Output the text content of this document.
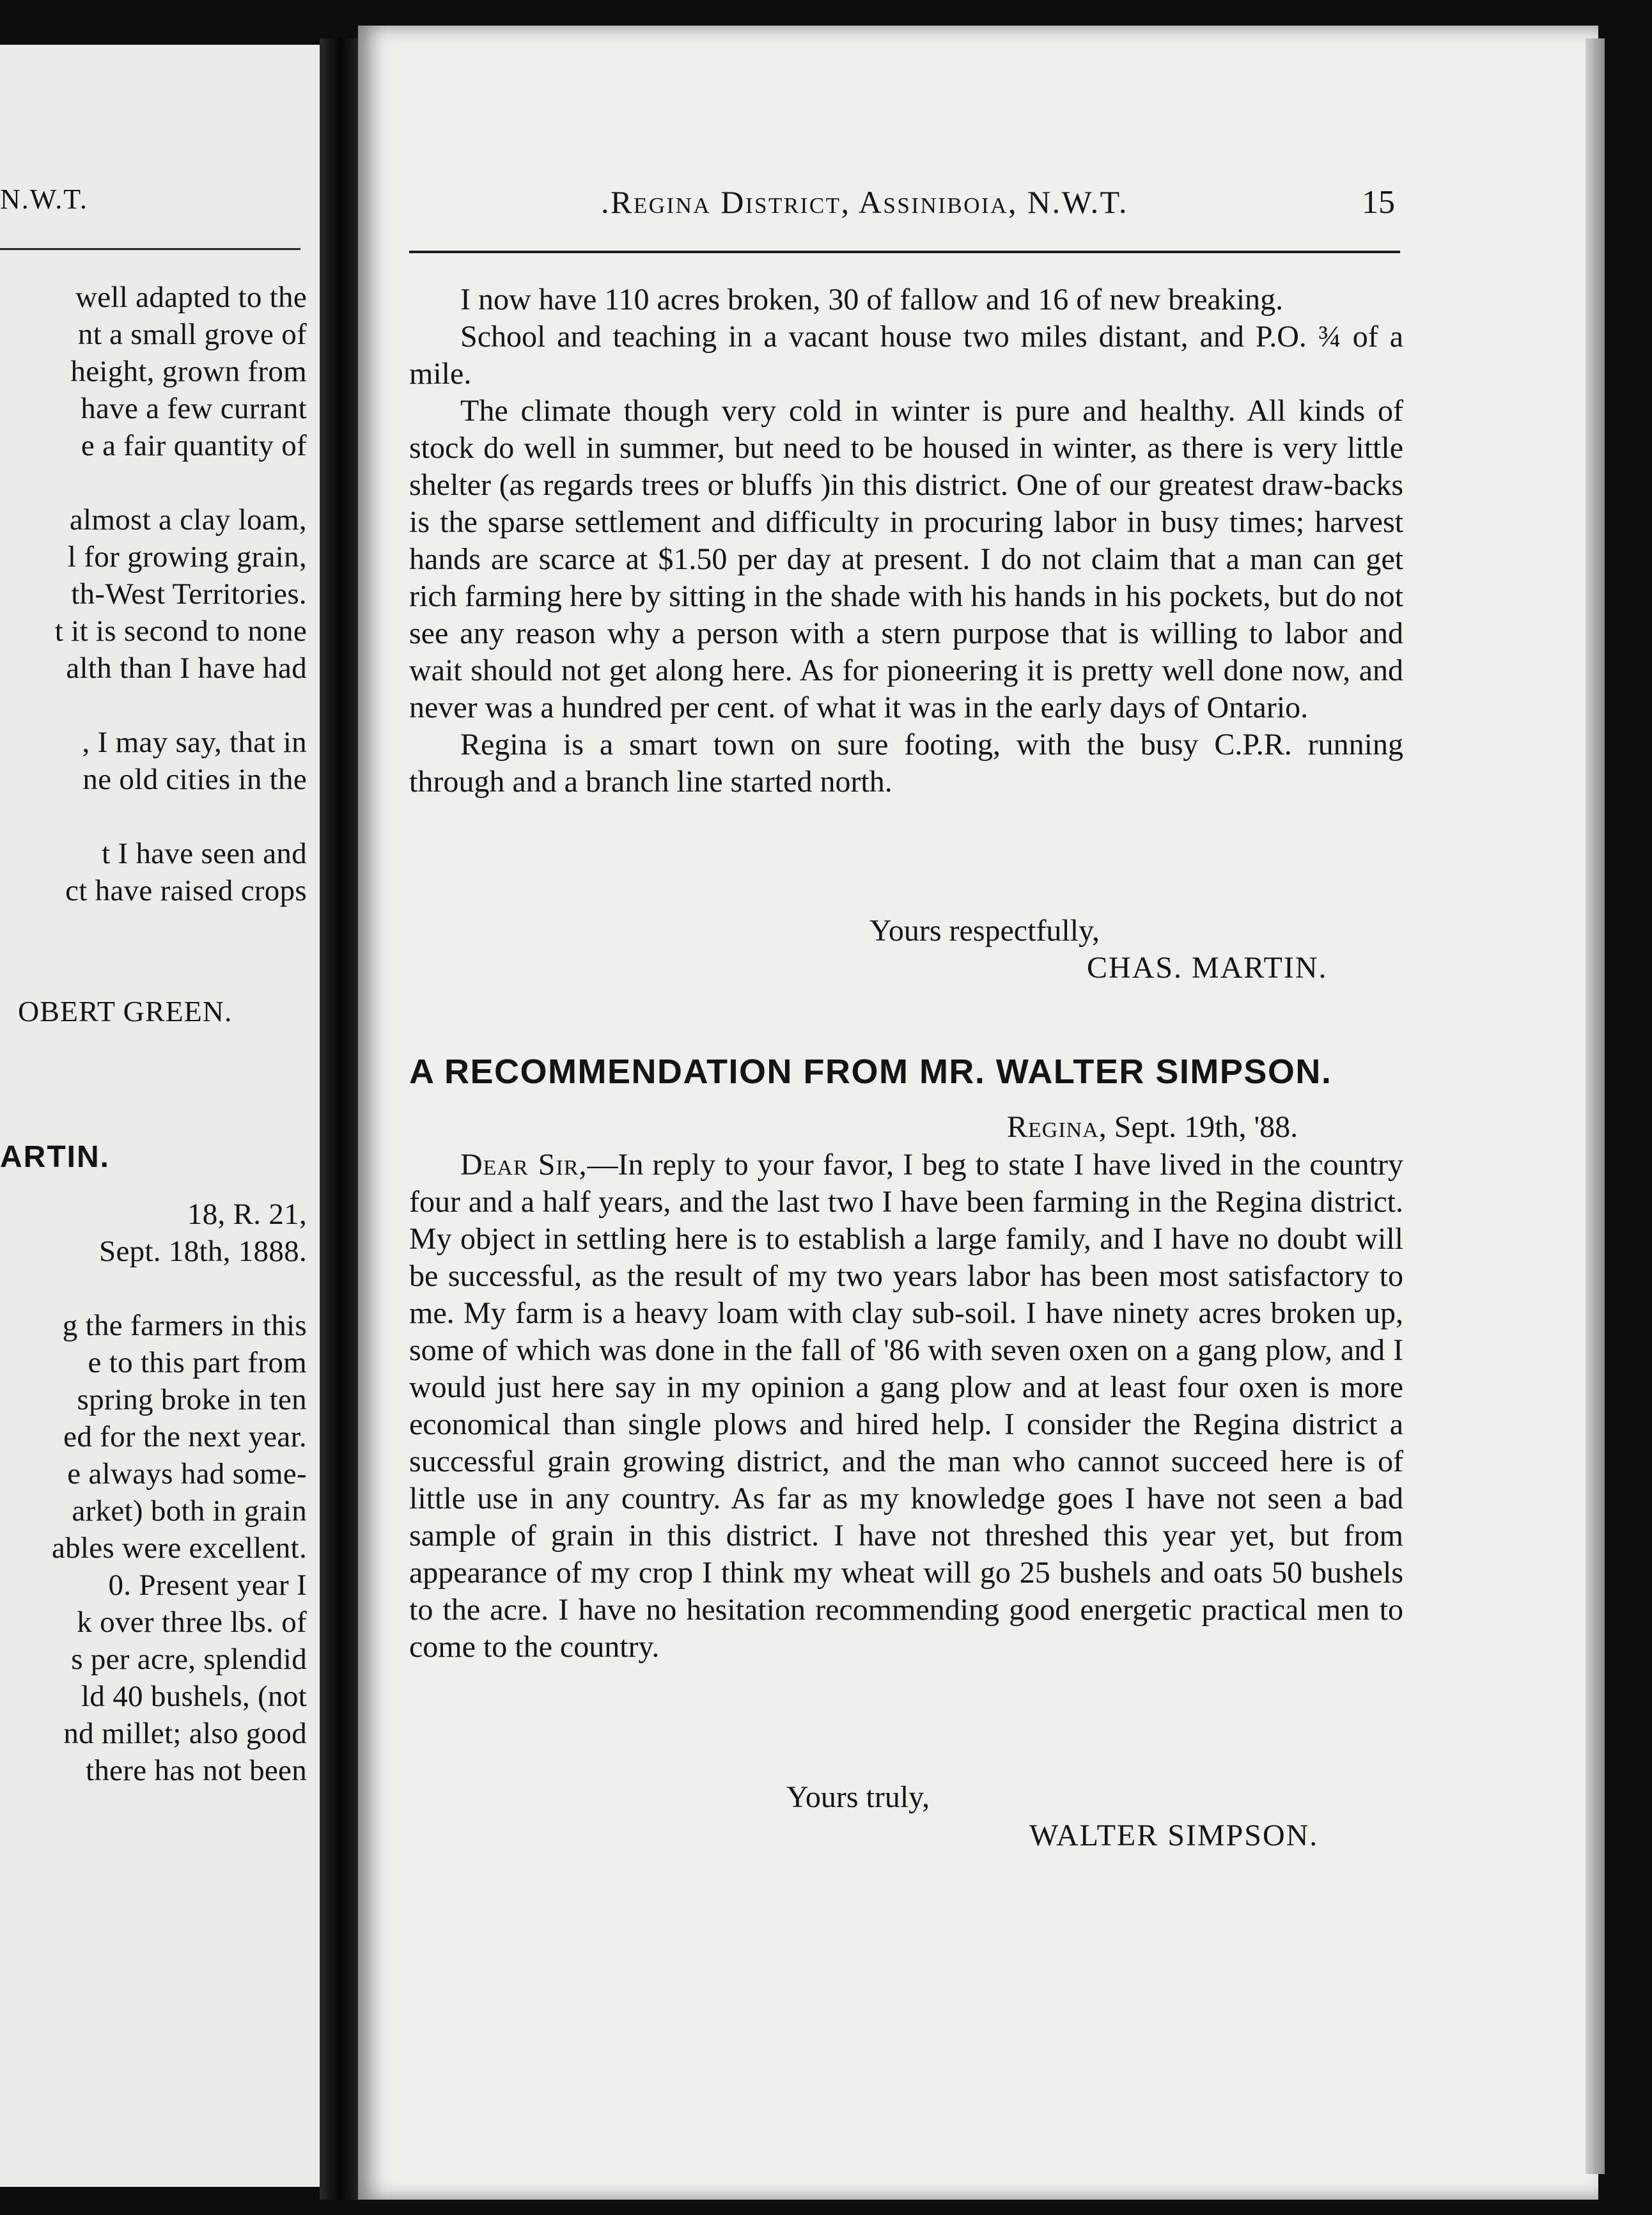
N.W.T.
well adapted to the
nt a small grove of
height, grown from
have a few currant
e a fair quantity of
almost a clay loam,
l for growing grain,
th-West Territories.
t it is second to none
alth than I have had
, I may say, that in
ne old cities in the
t I have seen and
ct have raised crops
OBERT GREEN.
ARTIN.
18, R. 21,
Sept. 18th, 1888.
g the farmers in this
e to this part from
spring broke in ten
ed for the next year.
e always had some-
arket) both in grain
ables were excellent.
0. Present year I
k over three lbs. of
s per acre, splendid
ld 40 bushels, (not
nd millet; also good
there has not been
.Regina District, Assiniboia, N.W.T.	15

I now have 110 acres broken, 30 of fallow and 16 of new breaking.

School and teaching in a vacant house two miles distant, and P.O. ¾ of a mile.

The climate though very cold in winter is pure and healthy. All kinds of stock do well in summer, but need to be housed in winter, as there is very little shelter (as regards trees or bluffs )in this district. One of our greatest draw-backs is the sparse settlement and difficulty in procuring labor in busy times; harvest hands are scarce at $1.50 per day at present. I do not claim that a man can get rich farming here by sitting in the shade with his hands in his pockets, but do not see any reason why a person with a stern purpose that is willing to labor and wait should not get along here. As for pioneering it is pretty well done now, and never was a hundred per cent. of what it was in the early days of Ontario.

Regina is a smart town on sure footing, with the busy C.P.R. running through and a branch line started north.

Yours respectfully,
CHAS. MARTIN.
A RECOMMENDATION FROM MR. WALTER SIMPSON.
Regina, Sept. 19th, '88.

Dear Sir,—In reply to your favor, I beg to state I have lived in the country four and a half years, and the last two I have been farming in the Regina district. My object in settling here is to establish a large family, and I have no doubt will be successful, as the result of my two years labor has been most satisfactory to me. My farm is a heavy loam with clay sub-soil. I have ninety acres broken up, some of which was done in the fall of '86 with seven oxen on a gang plow, and I would just here say in my opinion a gang plow and at least four oxen is more economical than single plows and hired help. I consider the Regina district a successful grain growing district, and the man who cannot succeed here is of little use in any country. As far as my knowledge goes I have not seen a bad sample of grain in this district. I have not threshed this year yet, but from appearance of my crop I think my wheat will go 25 bushels and oats 50 bushels to the acre. I have no hesitation recommending good energetic practical men to come to the country.

Yours truly,
WALTER SIMPSON.
